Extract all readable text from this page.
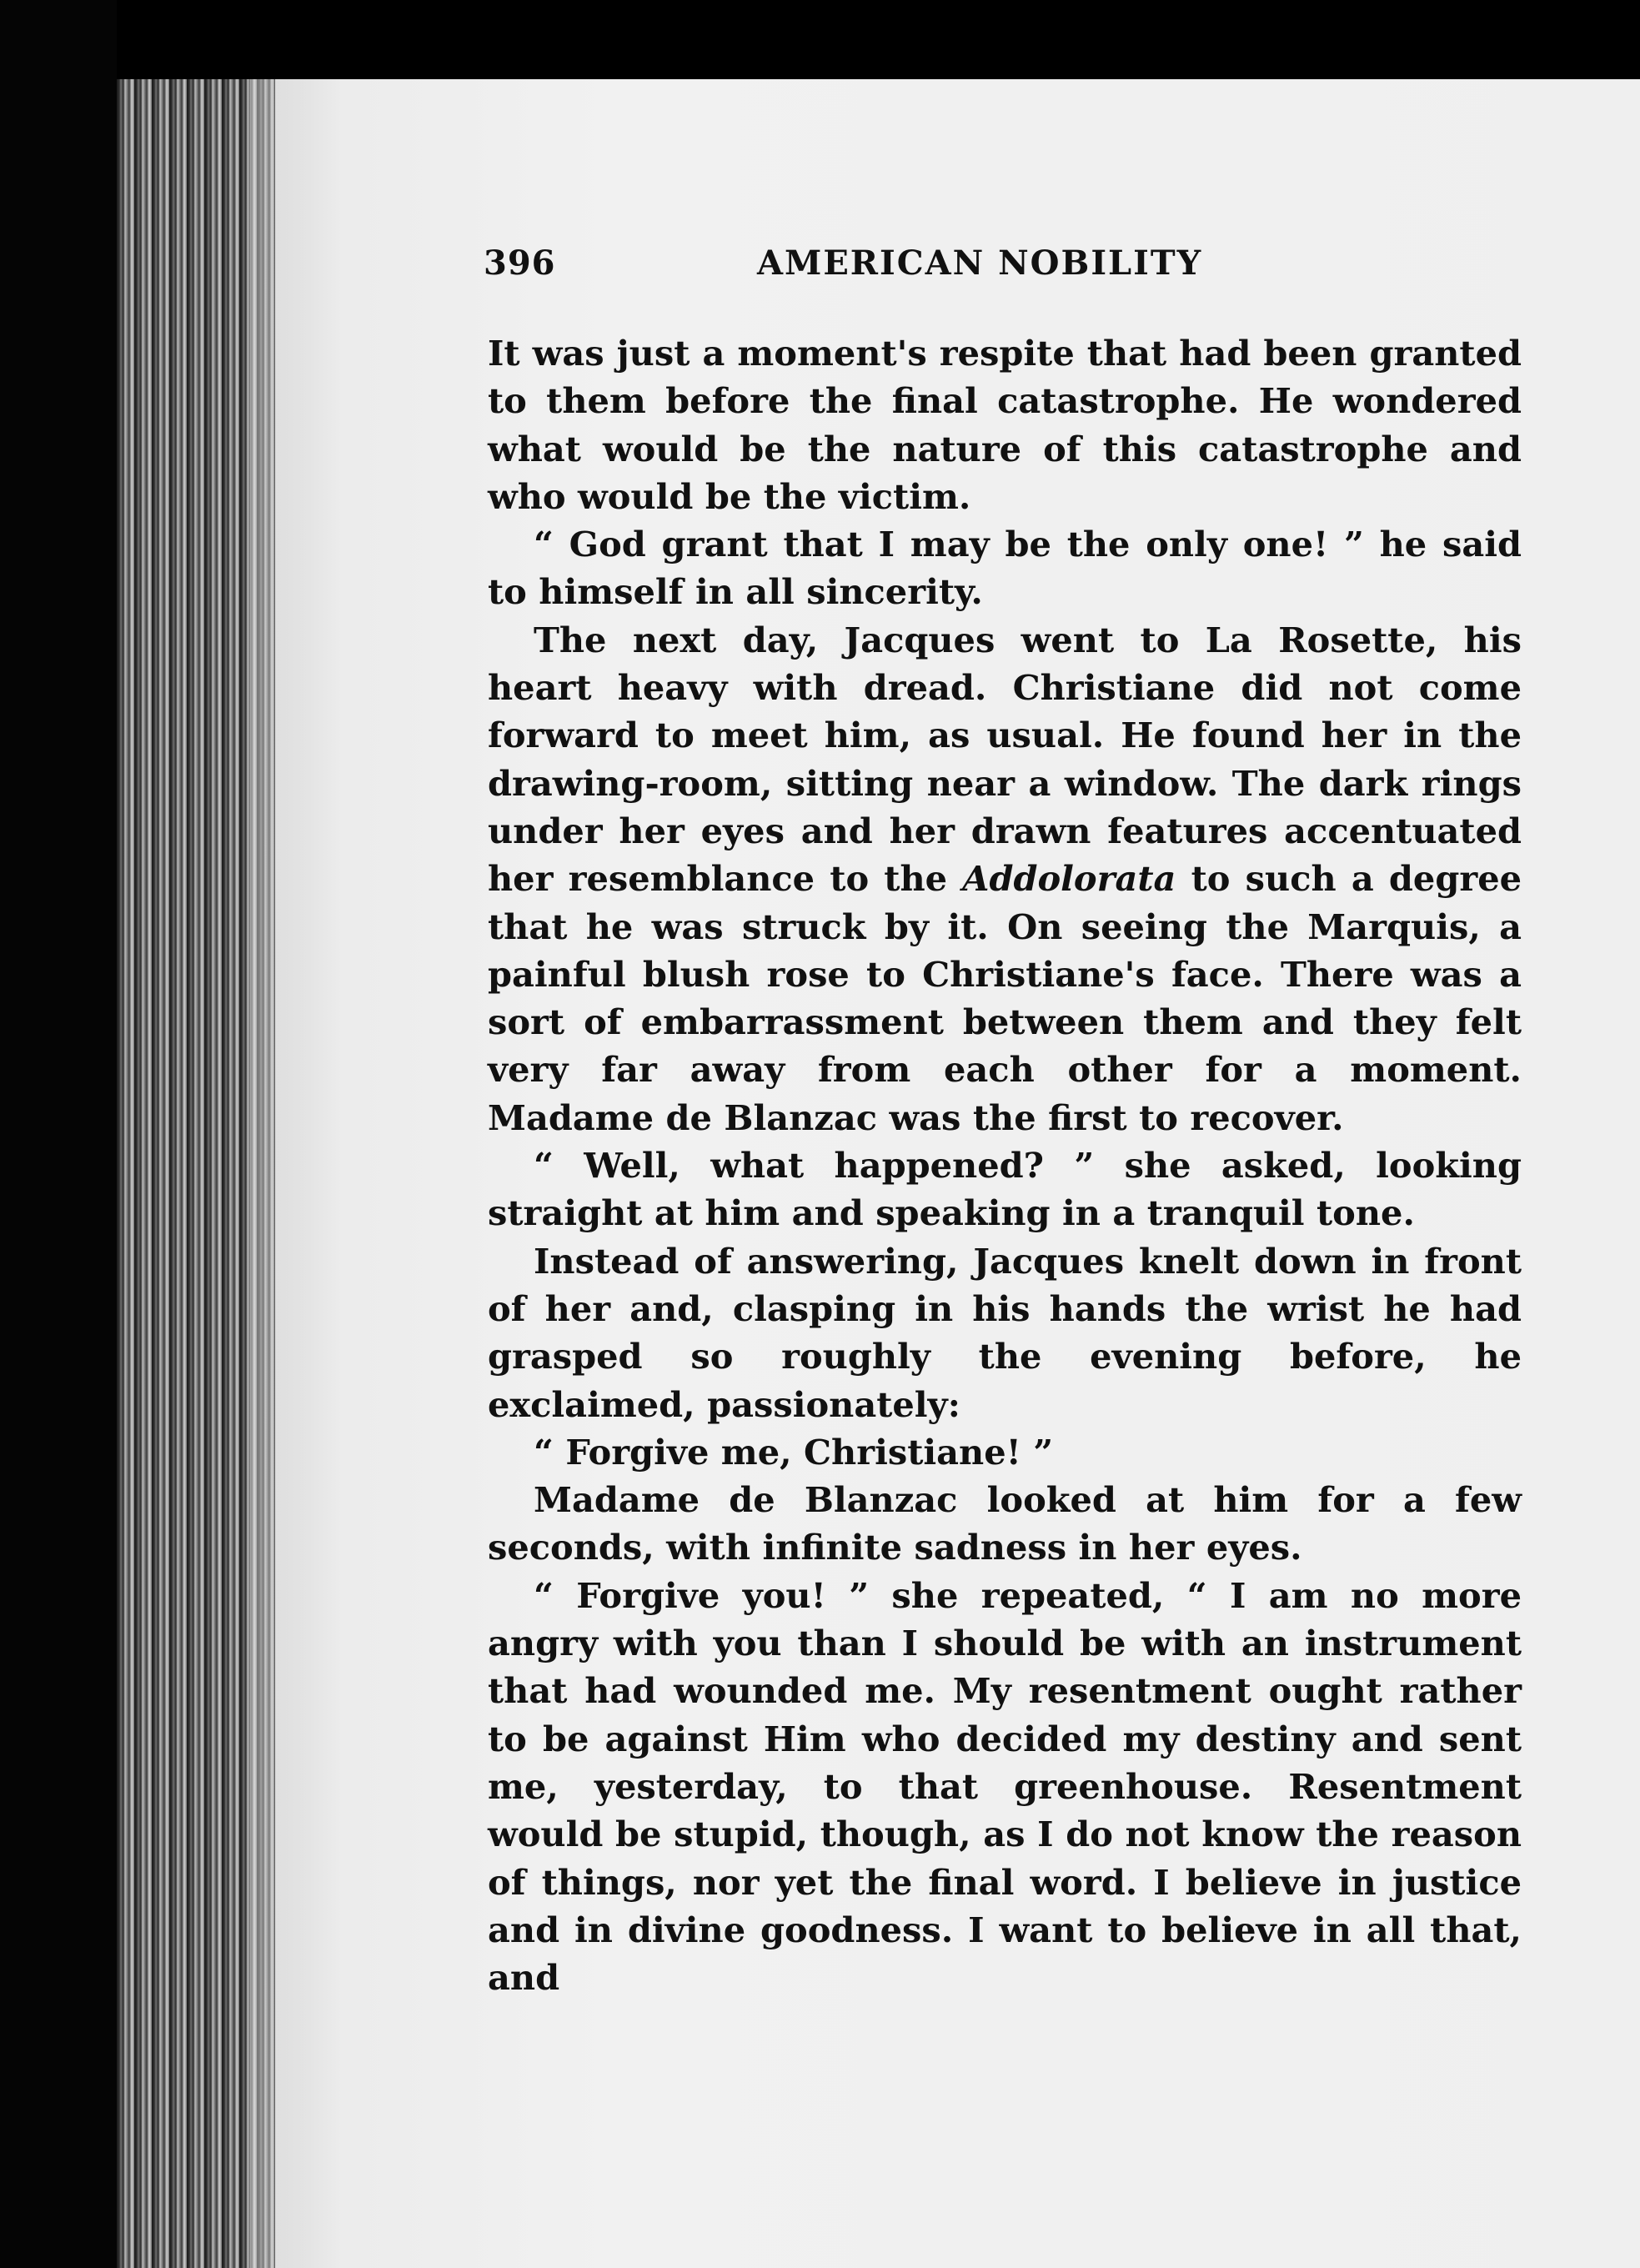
396	AMERICAN NOBILITY

It was just a moment's respite that had been granted to them before the final catastrophe. He wondered what would be the nature of this catastrophe and who would be the victim.

“ God grant that I may be the only one! ” he said to himself in all sincerity.

The next day, Jacques went to La Rosette, his heart heavy with dread. Christiane did not come forward to meet him, as usual. He found her in the drawing-room, sitting near a window. The dark rings under her eyes and her drawn features accentuated her resemblance to the Addolorata to such a degree that he was struck by it. On seeing the Marquis, a painful blush rose to Christiane's face. There was a sort of embarrassment between them and they felt very far away from each other for a moment. Madame de Blanzac was the first to recover.

“ Well, what happened? ” she asked, looking straight at him and speaking in a tranquil tone.

Instead of answering, Jacques knelt down in front of her and, clasping in his hands the wrist he had grasped so roughly the evening before, he exclaimed, passionately:

“ Forgive me, Christiane! ”

Madame de Blanzac looked at him for a few seconds, with infinite sadness in her eyes.

“ Forgive you! ” she repeated, “ I am no more angry with you than I should be with an instrument that had wounded me. My resentment ought rather to be against Him who decided my destiny and sent me, yesterday, to that greenhouse. Resentment would be stupid, though, as I do not know the reason of things, nor yet the final word. I believe in justice and in divine goodness. I want to believe in all that, and
